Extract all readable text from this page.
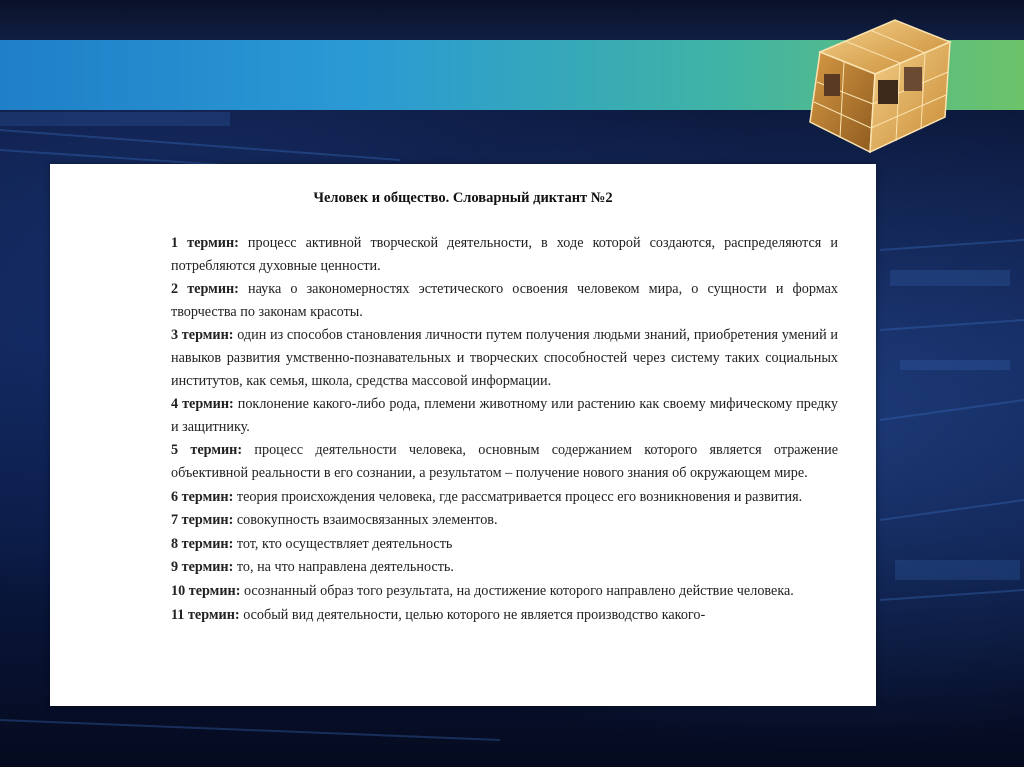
Человек и общество. Словарный диктант №2
1 термин: процесс активной творческой деятельности, в ходе которой создаются, распределяются и потребляются духовные ценности.
2 термин: наука о закономерностях эстетического освоения человеком мира, о сущности и формах творчества по законам красоты.
3 термин: один из способов становления личности путем получения людьми знаний, приобретения умений и навыков развития умственно-познавательных и творческих способностей через систему таких социальных институтов, как семья, школа, средства массовой информации.
4 термин: поклонение какого-либо рода, племени животному или растению как своему мифическому предку и защитнику.
5 термин: процесс деятельности человека, основным содержанием которого является отражение объективной реальности в его сознании, а результатом – получение нового знания об окружающем мире.
6 термин: теория происхождения человека, где рассматривается процесс его возникновения и развития.
7 термин: совокупность взаимосвязанных элементов.
8 термин: тот, кто осуществляет деятельность
9 термин: то, на что направлена деятельность.
10 термин: осознанный образ того результата, на достижение которого направлено действие человека.
11 термин: особый вид деятельности, целью которого не является производство какого-
